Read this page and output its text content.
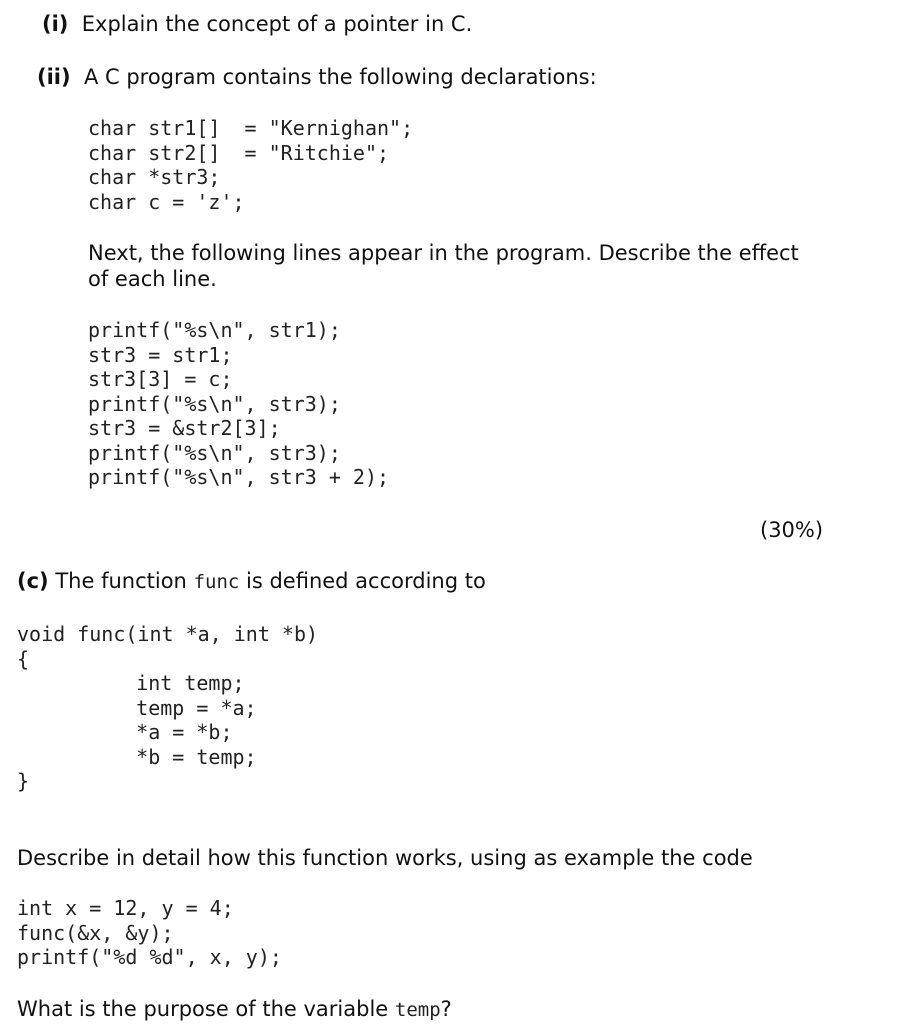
(i) Explain the concept of a pointer in C.
(ii) A C program contains the following declarations:
char str1[]  = "Kernighan";
char str2[]  = "Ritchie";
char *str3;
char c = 'z';
Next, the following lines appear in the program. Describe the effect
of each line.
printf("%s\n", str1);
str3 = str1;
str3[3] = c;
printf("%s\n", str3);
str3 = &str2[3];
printf("%s\n", str3);
printf("%s\n", str3 + 2);
(30%)
(c) The function func is defined according to
void func(int *a, int *b)
{
int temp;
temp = *a;
*a = *b;
*b = temp;
}
Describe in detail how this function works, using as example the code
int x = 12, y = 4;
func(&x, &y);
printf("%d %d", x, y);
What is the purpose of the variable temp?
